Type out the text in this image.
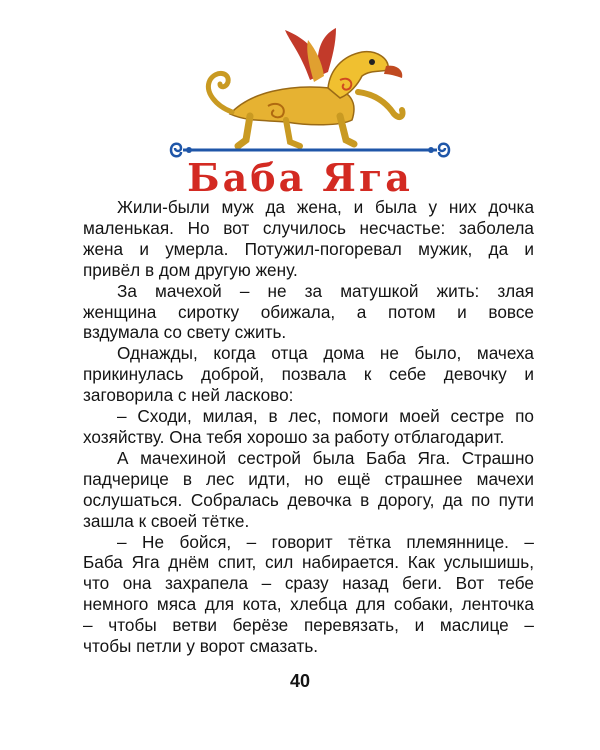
Баба Яга
Жили-были муж да жена, и была у них дочка
маленькая. Но вот случилось несчастье: заболела
жена и умерла. Потужил-погоревал мужик, да и
привёл в дом другую жену.
За мачехой – не за матушкой жить: злая
женщина сиротку обижала, а потом и вовсе
вздумала со свету сжить.
Однажды, когда отца дома не было, мачеха
прикинулась доброй, позвала к себе девочку и
заговорила с ней ласково:
– Сходи, милая, в лес, помоги моей сестре по
хозяйству. Она тебя хорошо за работу отблагодарит.
А мачехиной сестрой была Баба Яга. Страшно
падчерице в лес идти, но ещё страшнее мачехи
ослушаться. Собралась девочка в дорогу, да по пути
зашла к своей тётке.
– Не бойся, – говорит тётка племяннице. –
Баба Яга днём спит, сил набирается. Как услышишь,
что она захрапела – сразу назад беги. Вот тебе
немного мяса для кота, хлебца для собаки, ленточка
– чтобы ветви берёзе перевязать, и маслице –
чтобы петли у ворот смазать.
40
